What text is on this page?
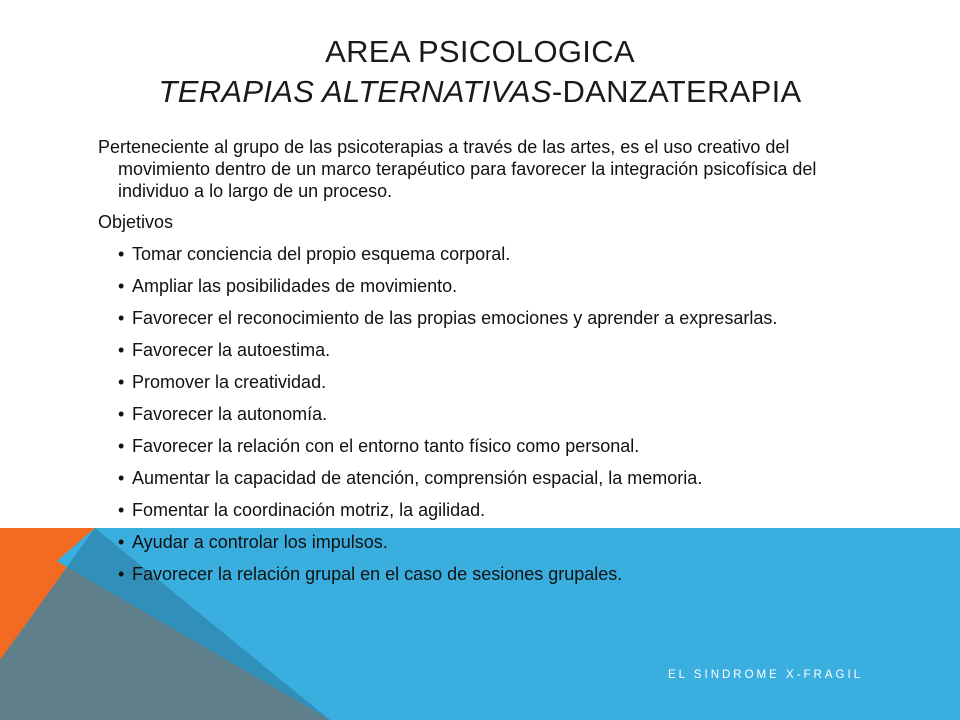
AREA PSICOLOGICA
TERAPIAS ALTERNATIVAS-DANZATERAPIA

Perteneciente al grupo de las psicoterapias a través de las artes, es el uso creativo del movimiento dentro de un marco terapéutico para favorecer la integración psicofísica del individuo a lo largo de un proceso.

Objetivos

• Tomar conciencia del propio esquema corporal.

• Ampliar las posibilidades de movimiento.

• Favorecer el reconocimiento de las propias emociones y aprender a expresarlas.

• Favorecer la autoestima.

• Promover la creatividad.

• Favorecer la autonomía.

• Favorecer la relación con el entorno tanto físico como personal.

• Aumentar la capacidad de atención, comprensión espacial, la memoria.

• Fomentar la coordinación motriz, la agilidad.

• Ayudar a controlar los impulsos.

• Favorecer la relación grupal en el caso de sesiones grupales.

EL SINDROME X-FRAGIL
